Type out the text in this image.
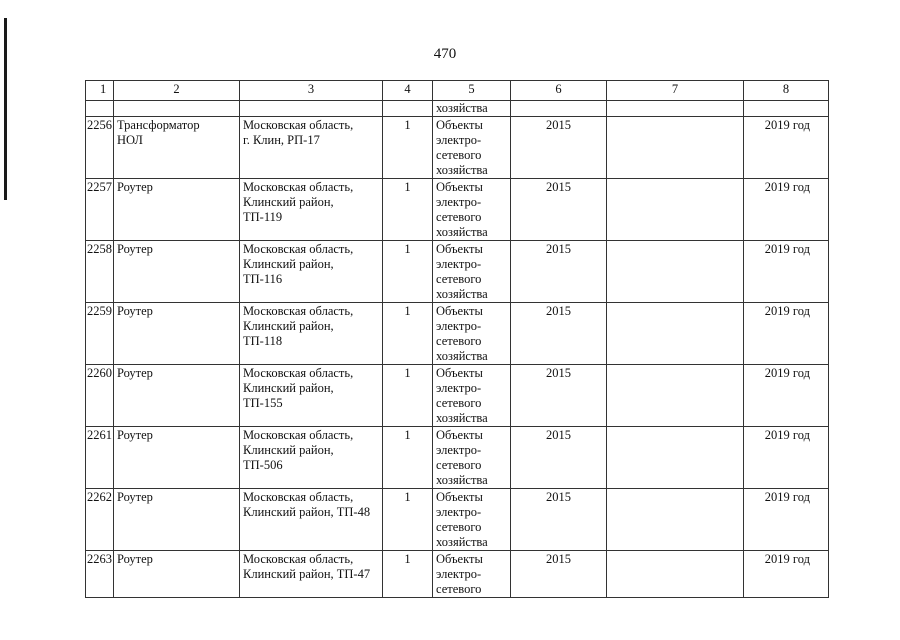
470
1	2	3	4	5	6	7	8
				хозяйства			
2256	Трансформатор
НОЛ	Московская область,
г. Клин, РП-17	1	Объекты
электро-
сетевого
хозяйства	2015		2019 год
2257	Роутер	Московская область,
Клинский район,
ТП-119	1	Объекты
электро-
сетевого
хозяйства	2015		2019 год
2258	Роутер	Московская область,
Клинский район,
ТП-116	1	Объекты
электро-
сетевого
хозяйства	2015		2019 год
2259	Роутер	Московская область,
Клинский район,
ТП-118	1	Объекты
электро-
сетевого
хозяйства	2015		2019 год
2260	Роутер	Московская область,
Клинский район,
ТП-155	1	Объекты
электро-
сетевого
хозяйства	2015		2019 год
2261	Роутер	Московская область,
Клинский район,
ТП-506	1	Объекты
электро-
сетевого
хозяйства	2015		2019 год
2262	Роутер	Московская область,
Клинский район, ТП-48	1	Объекты
электро-
сетевого
хозяйства	2015		2019 год
2263	Роутер	Московская область,
Клинский район, ТП-47	1	Объекты
электро-
сетевого	2015		2019 год
